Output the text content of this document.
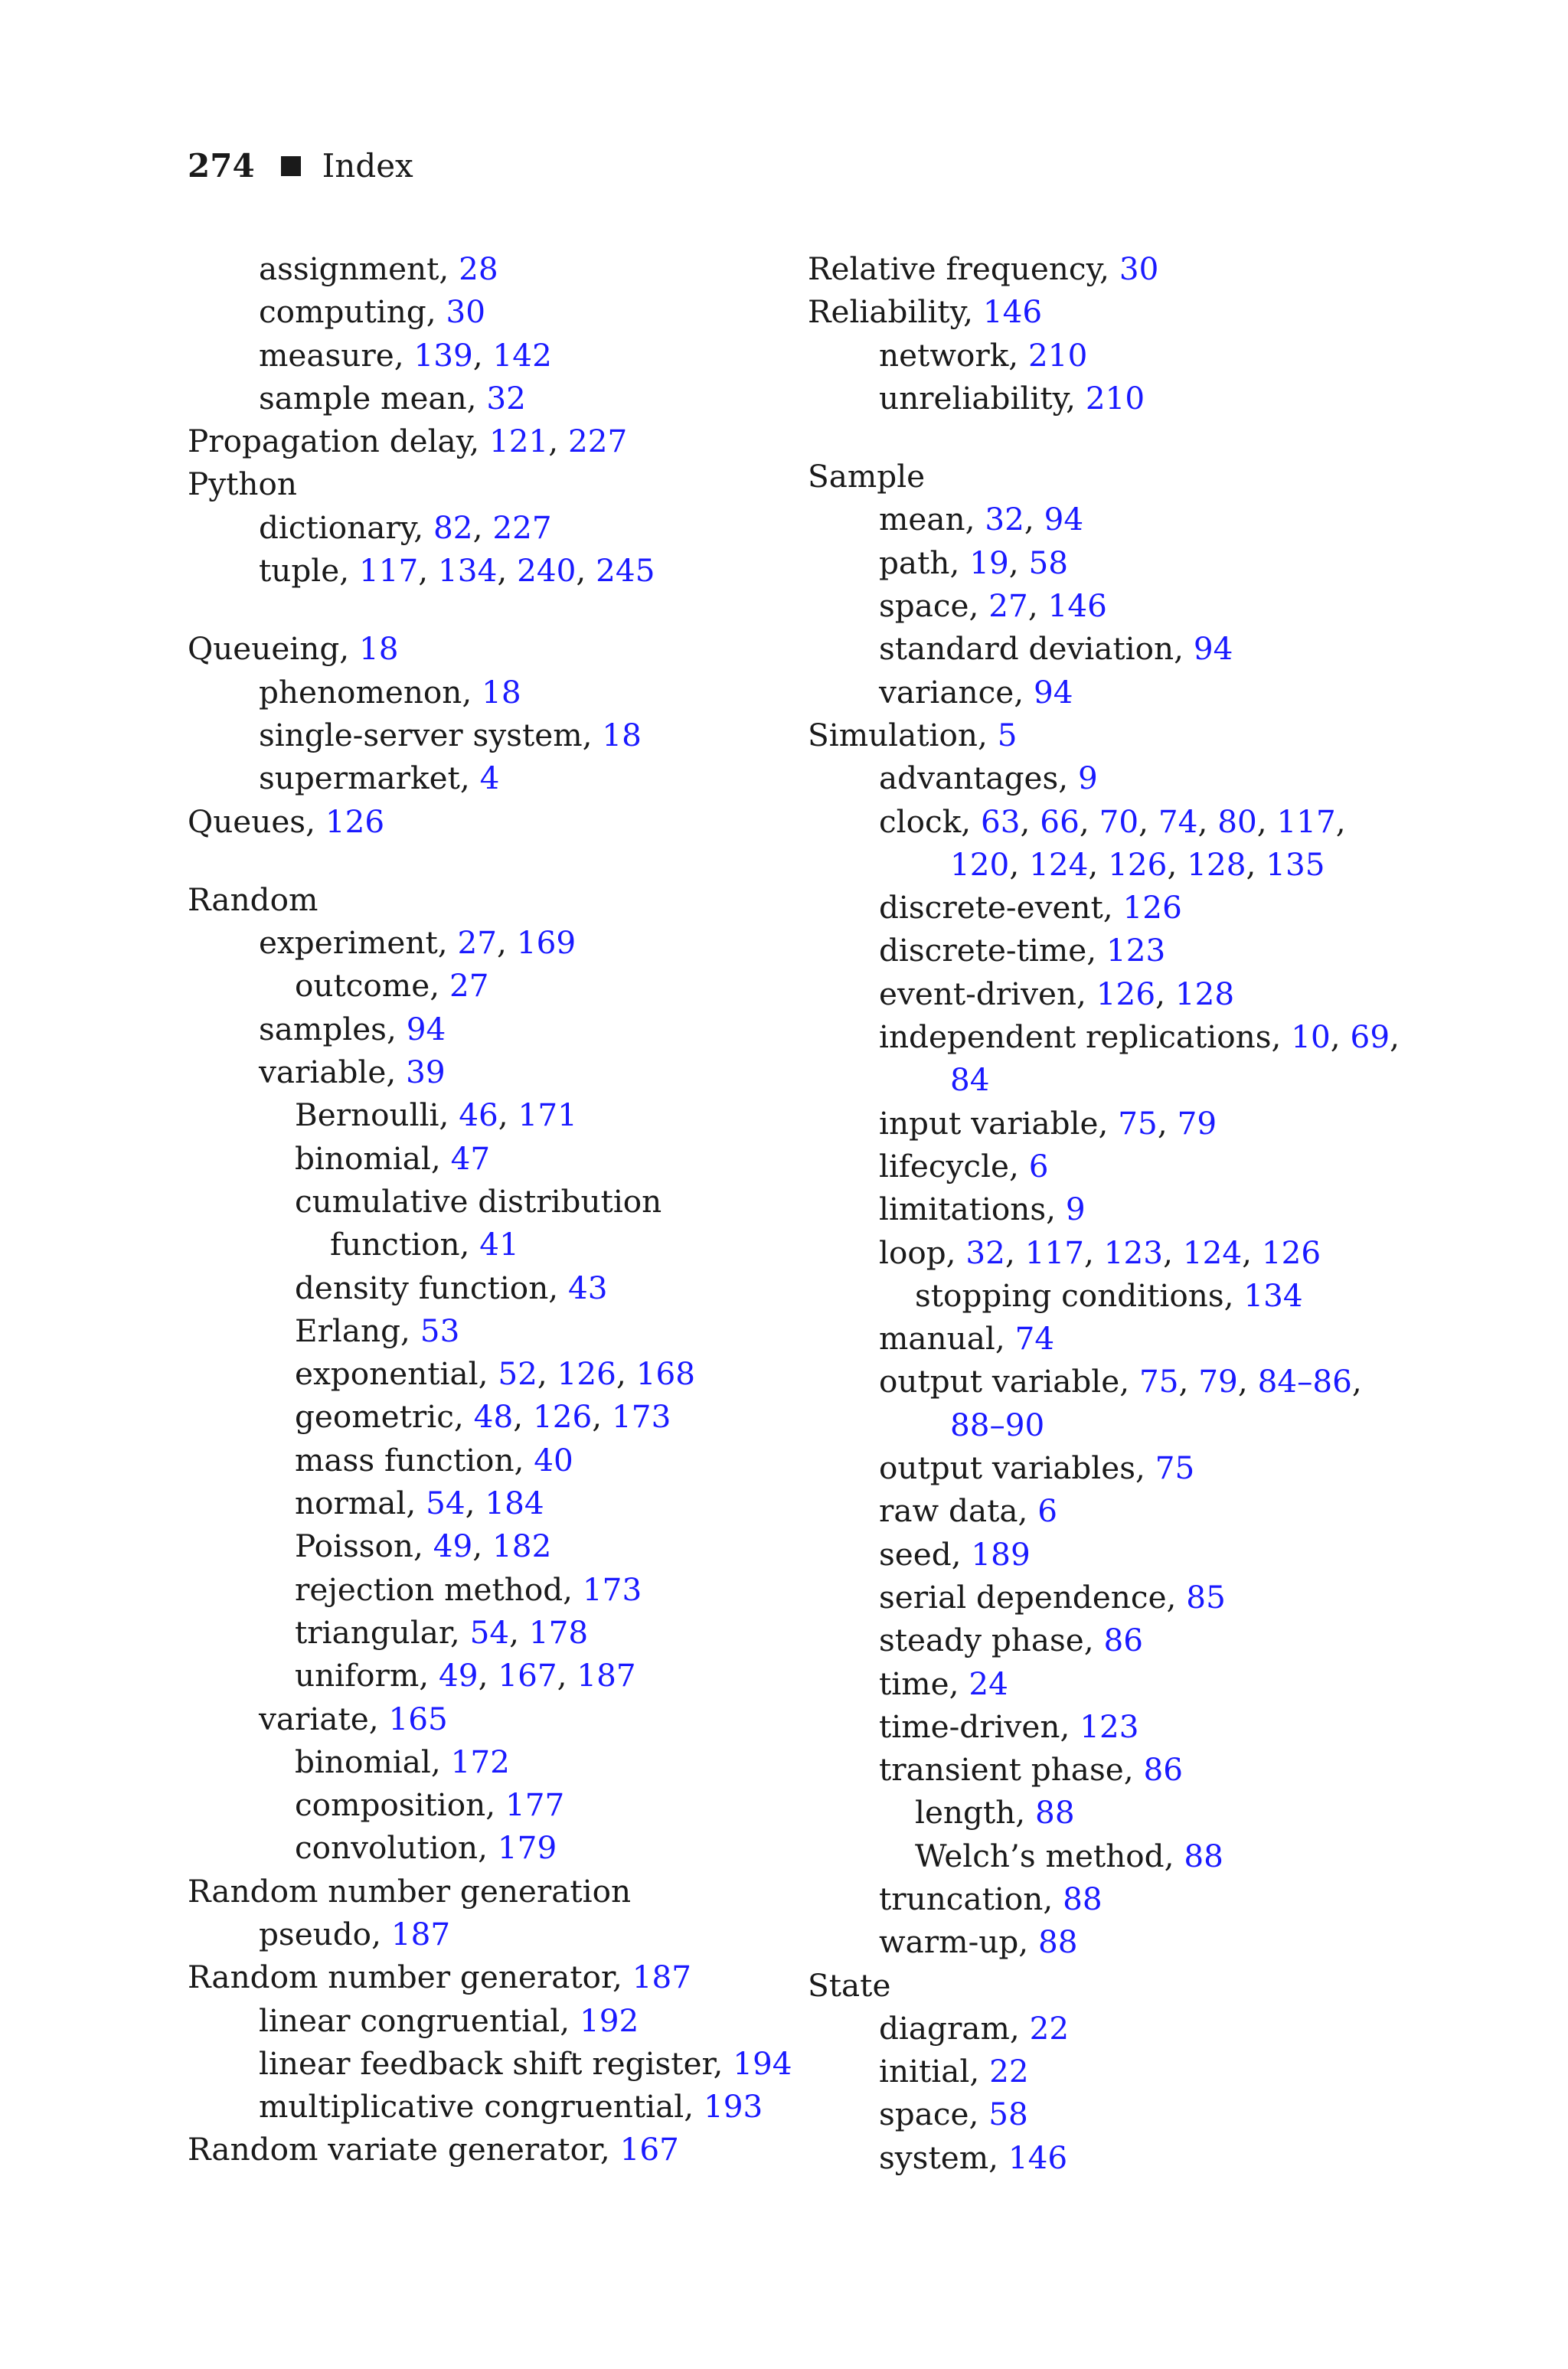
274 Index
assignment, 28
computing, 30
measure, 139, 142
sample mean, 32
Propagation delay, 121, 227
Python
dictionary, 82, 227
tuple, 117, 134, 240, 245
Queueing, 18
phenomenon, 18
single-server system, 18
supermarket, 4
Queues, 126
Random
experiment, 27, 169
outcome, 27
samples, 94
variable, 39
Bernoulli, 46, 171
binomial, 47
cumulative distribution
function, 41
density function, 43
Erlang, 53
exponential, 52, 126, 168
geometric, 48, 126, 173
mass function, 40
normal, 54, 184
Poisson, 49, 182
rejection method, 173
triangular, 54, 178
uniform, 49, 167, 187
variate, 165
binomial, 172
composition, 177
convolution, 179
Random number generation
pseudo, 187
Random number generator, 187
linear congruential, 192
linear feedback shift register, 194
multiplicative congruential, 193
Random variate generator, 167
Relative frequency, 30
Reliability, 146
network, 210
unreliability, 210
Sample
mean, 32, 94
path, 19, 58
space, 27, 146
standard deviation, 94
variance, 94
Simulation, 5
advantages, 9
clock, 63, 66, 70, 74, 80, 117,
120, 124, 126, 128, 135
discrete-event, 126
discrete-time, 123
event-driven, 126, 128
independent replications, 10, 69,
84
input variable, 75, 79
lifecycle, 6
limitations, 9
loop, 32, 117, 123, 124, 126
stopping conditions, 134
manual, 74
output variable, 75, 79, 84–86,
88–90
output variables, 75
raw data, 6
seed, 189
serial dependence, 85
steady phase, 86
time, 24
time-driven, 123
transient phase, 86
length, 88
Welch’s method, 88
truncation, 88
warm-up, 88
State
diagram, 22
initial, 22
space, 58
system, 146
